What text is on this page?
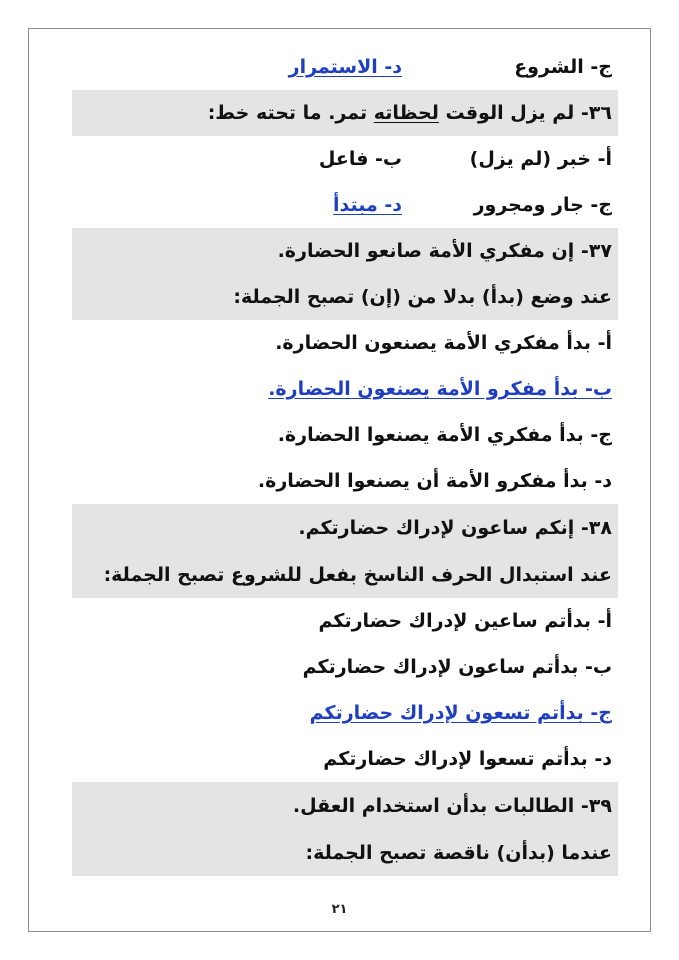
ج- الشروع
د- الاستمرار
٣٦- لم يزل الوقت لحظاته تمر. ما تحته خط:
أ- خبر (لم يزل)
ب- فاعل
ج- جار ومجرور
د- مبتدأ
٣٧- إن مفكري الأمة صانعو الحضارة.
عند وضع (بدأ) بدلا من (إن) تصبح الجملة:
أ- بدأ مفكري الأمة يصنعون الحضارة.
ب- بدأ مفكرو الأمة يصنعون الحضارة.
ج- بدأ مفكري الأمة يصنعوا الحضارة.
د- بدأ مفكرو الأمة أن يصنعوا الحضارة.
٣٨- إنكم ساعون لإدراك حضارتكم.
عند استبدال الحرف الناسخ بفعل للشروع تصبح الجملة:
أ- بدأتم ساعين لإدراك حضارتكم
ب- بدأتم ساعون لإدراك حضارتكم
ج- بدأتم تسعون لإدراك حضارتكم
د- بدأتم تسعوا لإدراك حضارتكم
٣٩- الطالبات بدأن استخدام العقل.
عندما (بدأن) ناقصة تصبح الجملة:
٢١
